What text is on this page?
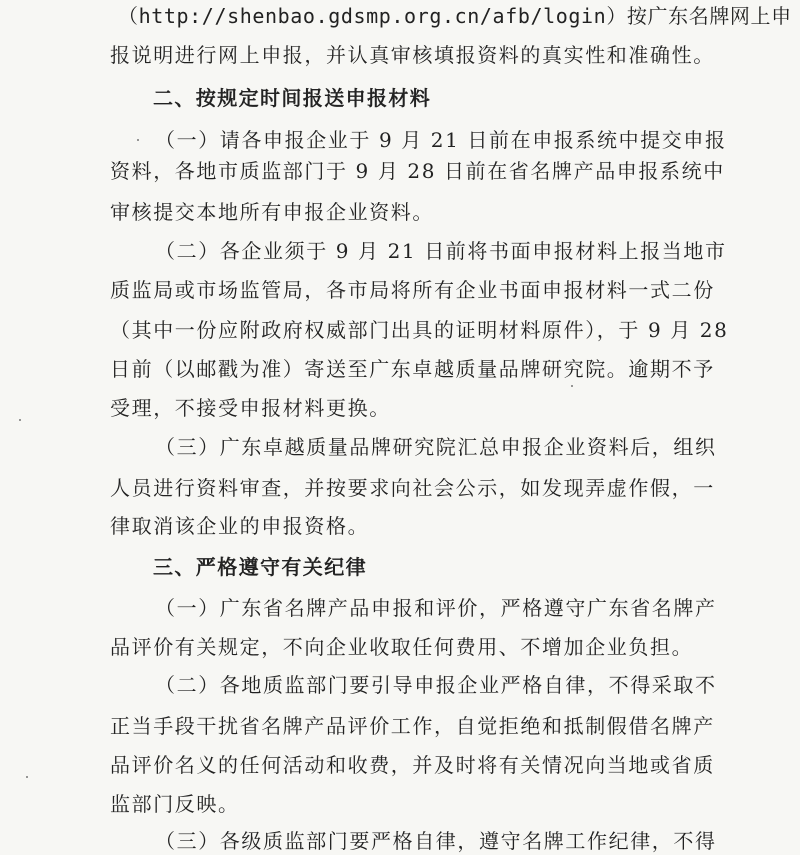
（http://shenbao.gdsmp.org.cn/afb/login）按广东名牌网上申
报说明进行网上申报，并认真审核填报资料的真实性和准确性。
二、按规定时间报送申报材料
（一）请各申报企业于 9 月 21 日前在申报系统中提交申报
资料，各地市质监部门于 9 月 28 日前在省名牌产品申报系统中
审核提交本地所有申报企业资料。
（二）各企业须于 9 月 21 日前将书面申报材料上报当地市
质监局或市场监管局，各市局将所有企业书面申报材料一式二份
（其中一份应附政府权威部门出具的证明材料原件），于 9 月 28
日前（以邮戳为准）寄送至广东卓越质量品牌研究院。逾期不予
受理，不接受申报材料更换。
（三）广东卓越质量品牌研究院汇总申报企业资料后，组织
人员进行资料审查，并按要求向社会公示，如发现弄虚作假，一
律取消该企业的申报资格。
三、严格遵守有关纪律
（一）广东省名牌产品申报和评价，严格遵守广东省名牌产
品评价有关规定，不向企业收取任何费用、不增加企业负担。
（二）各地质监部门要引导申报企业严格自律，不得采取不
正当手段干扰省名牌产品评价工作，自觉拒绝和抵制假借名牌产
品评价名义的任何活动和收费，并及时将有关情况向当地或省质
监部门反映。
（三）各级质监部门要严格自律，遵守名牌工作纪律，不得
